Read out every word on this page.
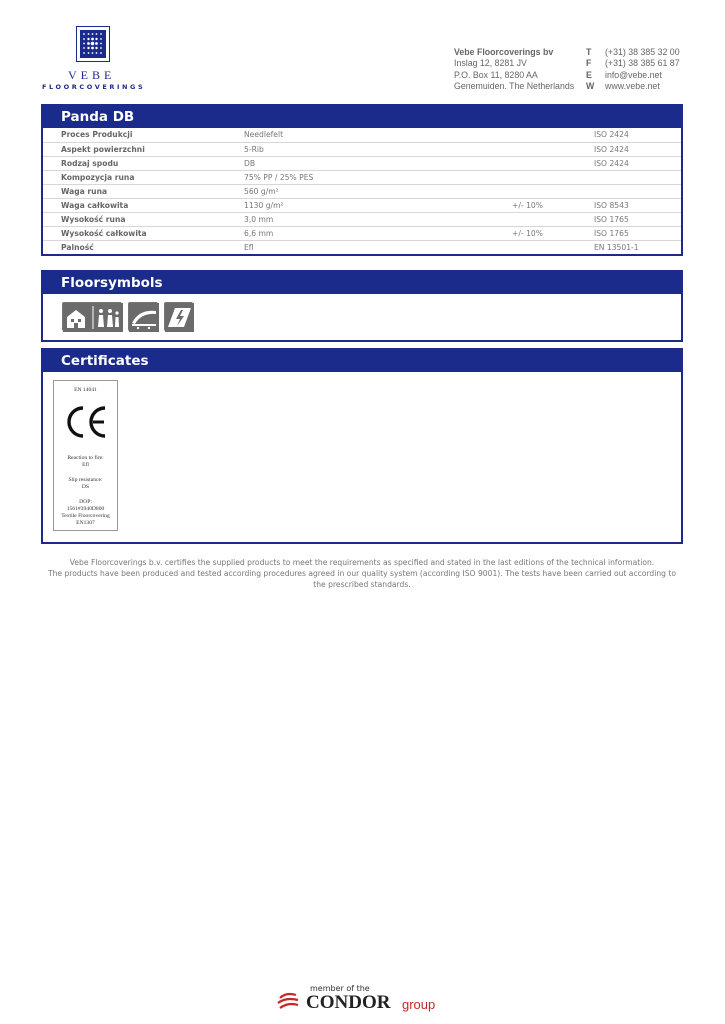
VEBE
FLOORCOVERINGS
Vebe Floorcoverings bv
Inslag 12, 8281 JV
P.O. Box 11, 8280 AA
Genemuiden. The Netherlands
T	(+31) 38 385 32 00
F	(+31) 38 385 61 87
E	info@vebe.net
W	www.vebe.net
Panda DB
Proces Produkcji	Needlefelt		ISO 2424
Aspekt powierzchni	5-Rib		ISO 2424
Rodzaj spodu	DB		ISO 2424
Kompozycja runa	75% PP / 25% PES		
Waga runa	560 g/m²		
Waga całkowita	1130 g/m²	+/- 10%	ISO 8543
Wysokość runa	3,0 mm		ISO 1765
Wysokość całkowita	6,6 mm	+/- 10%	ISO 1765
Palność	Efl		EN 13501-1
Floorsymbols
Certificates
EN 14041
Reaction to fire:
Efl
Slip resistance:
DS
DOP:
1561#3940D800
Textile Floorcovering
EN1307
Vebe Floorcoverings b.v. certifies the supplied products to meet the requirements as specified and stated in the last editions of the technical information.
The products have been produced and tested according procedures agreed in our quality system (according ISO 9001). The tests have been carried out according to the prescribed standards.
member of the
CONDOR group
